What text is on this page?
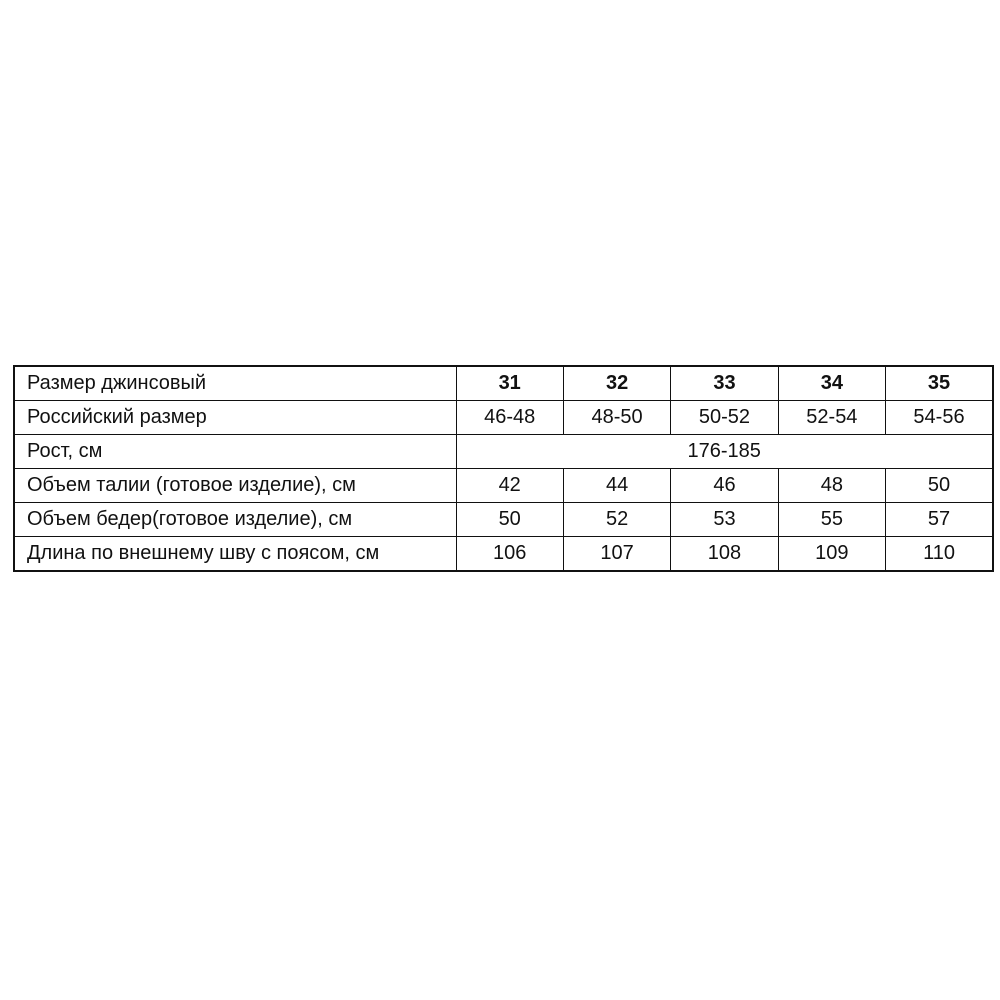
Размер джинсовый	31	32	33	34	35
Российский размер	46-48	48-50	50-52	52-54	54-56
Рост, см	176-185				
Объем талии (готовое изделие), см	42	44	46	48	50
Объем бедер(готовое изделие), см	50	52	53	55	57
Длина по внешнему шву с поясом, см	106	107	108	109	110
